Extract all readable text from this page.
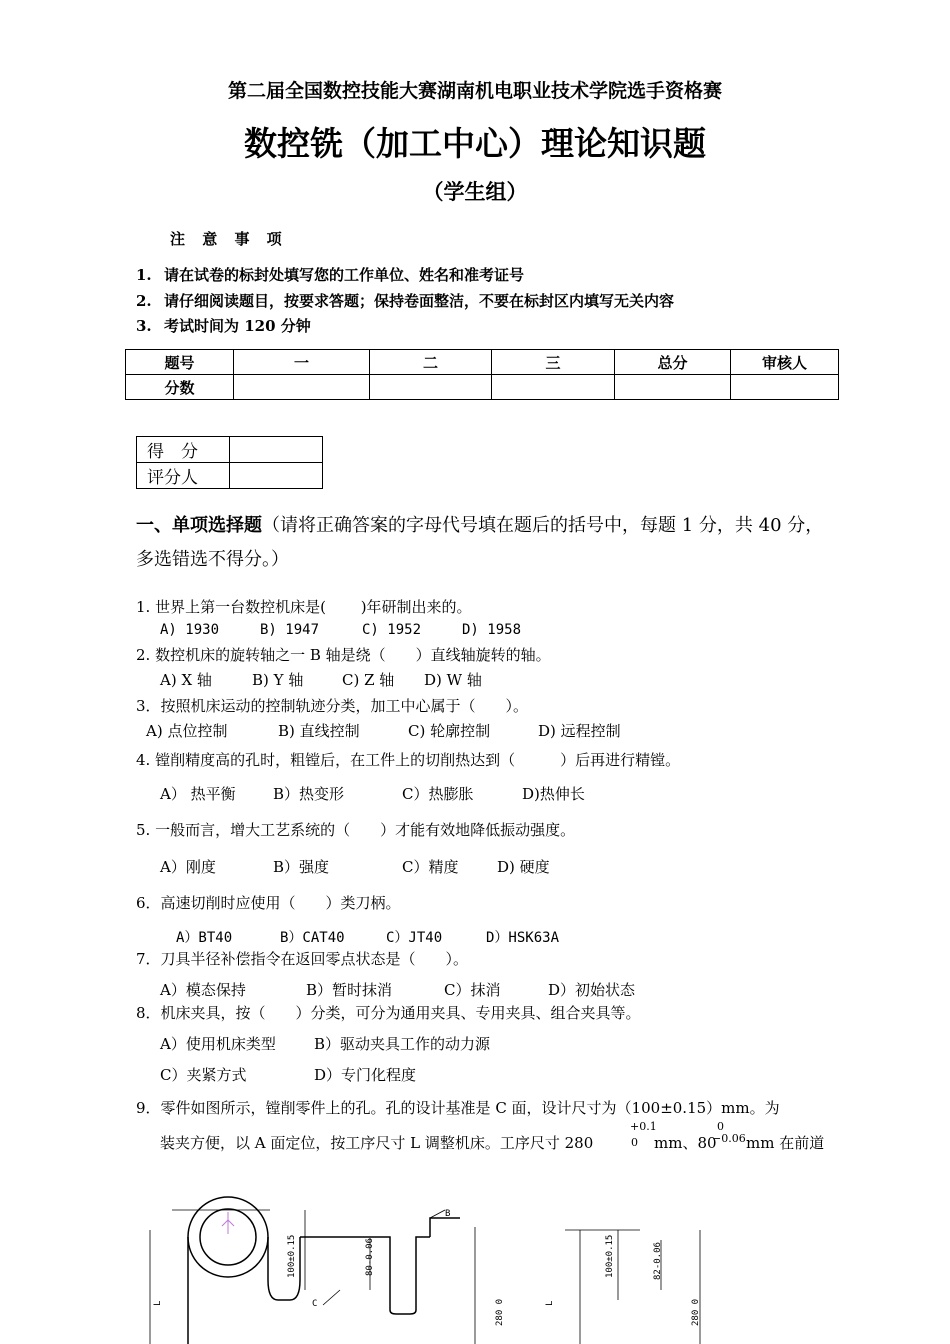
第二届全国数控技能大赛湖南机电职业技术学院选手资格赛
数控铣（加工中心）理论知识题
（学生组）
注 意 事 项
1. 请在试卷的标封处填写您的工作单位、姓名和准考证号
2. 请仔细阅读题目，按要求答题；保持卷面整洁，不要在标封区内填写无关内容
3. 考试时间为 120 分钟
题号	一	二	三	总分	审核人
分数					
得　分	
评分人	
一、单项选择题（请将正确答案的字母代号填在题后的括号中，每题 1 分，共 40 分，多选错选不得分。）
1. 世界上第一台数控机床是(　　 )年研制出来的。
A) 1930	B) 1947	C) 1952	D) 1958
2. 数控机床的旋转轴之一 B 轴是绕（　　）直线轴旋转的轴。
A) X 轴	B) Y 轴	C) Z 轴 D) W 轴
3．按照机床运动的控制轨迹分类，加工中心属于（　　）。
A) 点位控制	B) 直线控制	C) 轮廓控制	D) 远程控制
4. 镗削精度高的孔时，粗镗后，在工件上的切削热达到（　　　）后再进行精镗。
A） 热平衡 B）热变形	C）热膨胀	D)热伸长
5. 一般而言，增大工艺系统的（　　）才能有效地降低振动强度。
A）刚度	B）强度	C）精度	D) 硬度
6．高速切削时应使用（　　）类刀柄。
A）BT40	B）CAT40	C）JT40	D）HSK63A
7．刀具半径补偿指令在返回零点状态是（　　）。
A）模态保持	B）暂时抹消	C）抹消	D）初始状态
8．机床夹具，按（　　）分类，可分为通用夹具、专用夹具、组合夹具等。
A）使用机床类型	B）驱动夹具工作的动力源
C）夹紧方式	D）专门化程度
9．零件如图所示，镗削零件上的孔。孔的设计基准是 C 面，设计尺寸为（100±0.15）mm。为
装夹方便，以 A 面定位，按工序尺寸 L 调整机床。工序尺寸 280
+0.1
0 mm、80
0
−0.06 mm 在前道
B
C
L
100±0.15	80-0.06
280 0	L
100±0.15	82-0.06
280 0
